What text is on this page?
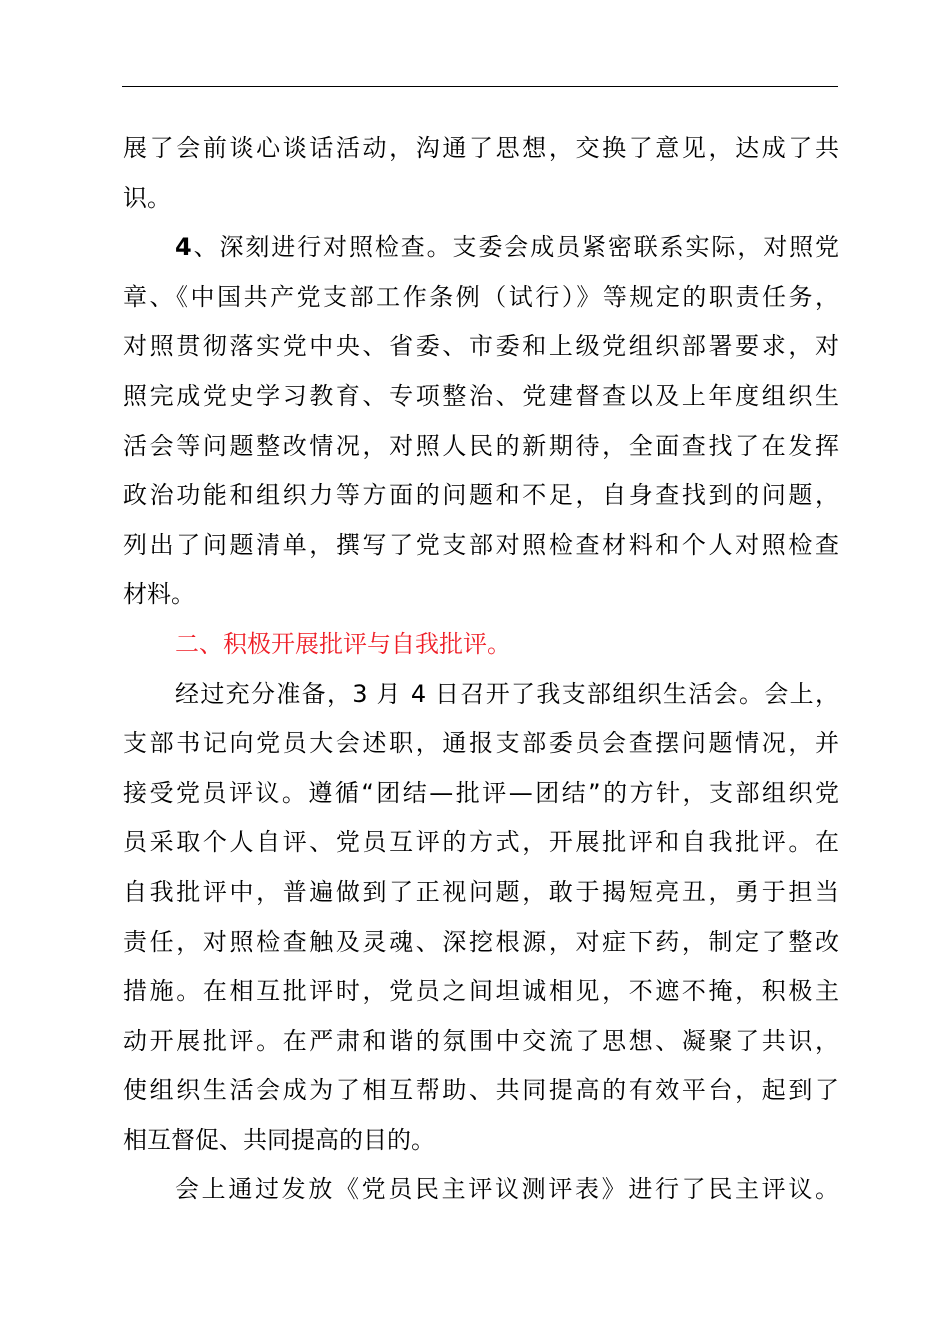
展了会前谈心谈话活动，沟通了思想，交换了意见，达成了共
识。
4、深刻进行对照检查。支委会成员紧密联系实际，对照党
章、《中国共产党支部工作条例（试行）》等规定的职责任务，
对照贯彻落实党中央、省委、市委和上级党组织部署要求，对
照完成党史学习教育、专项整治、党建督查以及上年度组织生
活会等问题整改情况，对照人民的新期待，全面查找了在发挥
政治功能和组织力等方面的问题和不足，自身查找到的问题，
列出了问题清单，撰写了党支部对照检查材料和个人对照检查
材料。
二、积极开展批评与自我批评。
经过充分准备，3 月 4 日召开了我支部组织生活会。会上，
支部书记向党员大会述职，通报支部委员会查摆问题情况，并
接受党员评议。遵循“团结—批评—团结”的方针，支部组织党
员采取个人自评、党员互评的方式，开展批评和自我批评。在
自我批评中，普遍做到了正视问题，敢于揭短亮丑，勇于担当
责任，对照检查触及灵魂、深挖根源，对症下药，制定了整改
措施。在相互批评时，党员之间坦诚相见，不遮不掩，积极主
动开展批评。在严肃和谐的氛围中交流了思想、凝聚了共识，
使组织生活会成为了相互帮助、共同提高的有效平台，起到了
相互督促、共同提高的目的。
会上通过发放《党员民主评议测评表》进行了民主评议。
